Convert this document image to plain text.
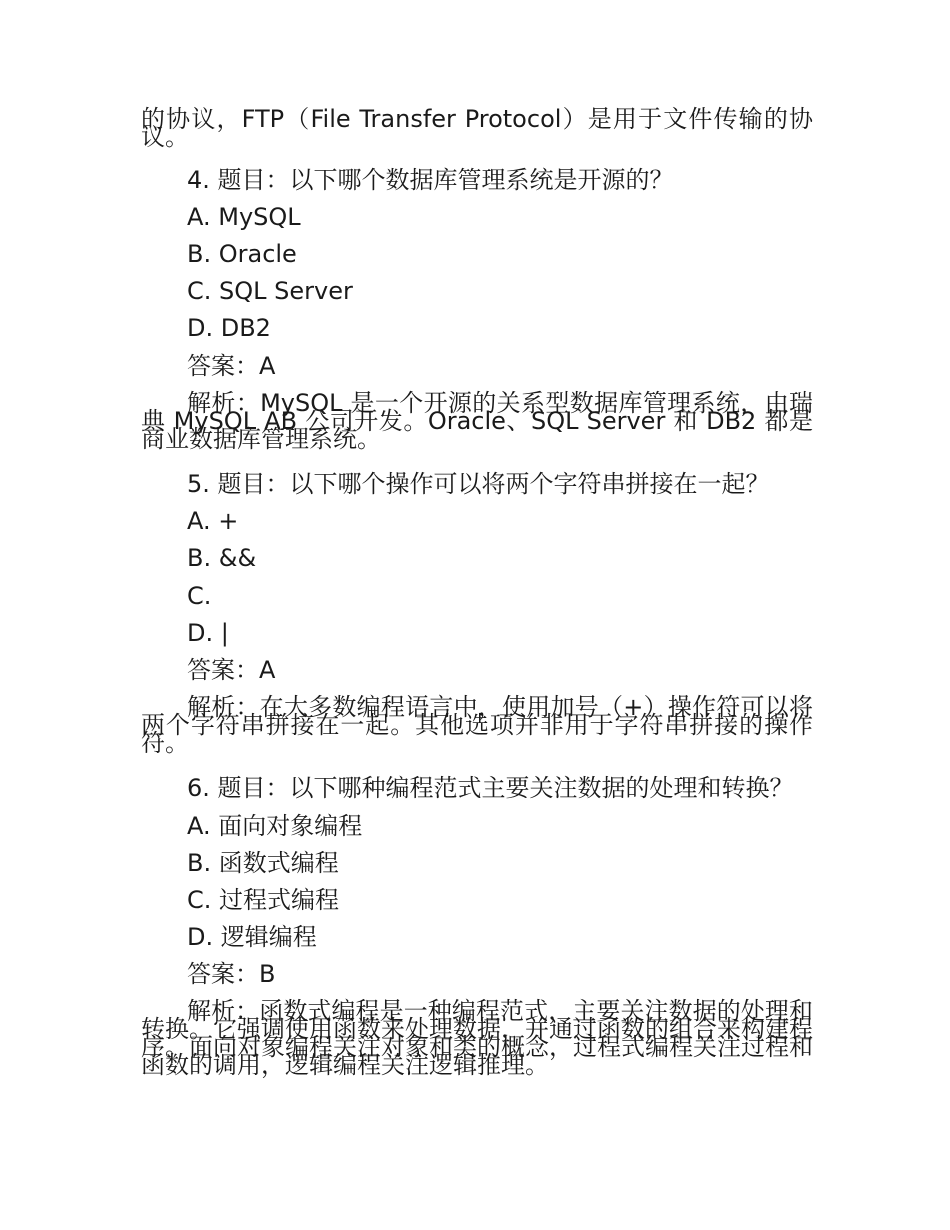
的协议，FTP（File Transfer Protocol）是用于文件传输的协议。
4. 题目：以下哪个数据库管理系统是开源的？
A. MySQL
B. Oracle
C. SQL Server
D. DB2
答案：A
解析：MySQL 是一个开源的关系型数据库管理系统，由瑞典 MySQL AB 公司开发。Oracle、SQL Server 和 DB2 都是商业数据库管理系统。
5. 题目：以下哪个操作可以将两个字符串拼接在一起？
A. +
B. &&
C.
D. |
答案：A
解析：在大多数编程语言中，使用加号（+）操作符可以将两个字符串拼接在一起。其他选项并非用于字符串拼接的操作符。
6. 题目：以下哪种编程范式主要关注数据的处理和转换？
A. 面向对象编程
B. 函数式编程
C. 过程式编程
D. 逻辑编程
答案：B
解析：函数式编程是一种编程范式，主要关注数据的处理和转换。它强调使用函数来处理数据，并通过函数的组合来构建程序。面向对象编程关注对象和类的概念，过程式编程关注过程和函数的调用，逻辑编程关注逻辑推理。
